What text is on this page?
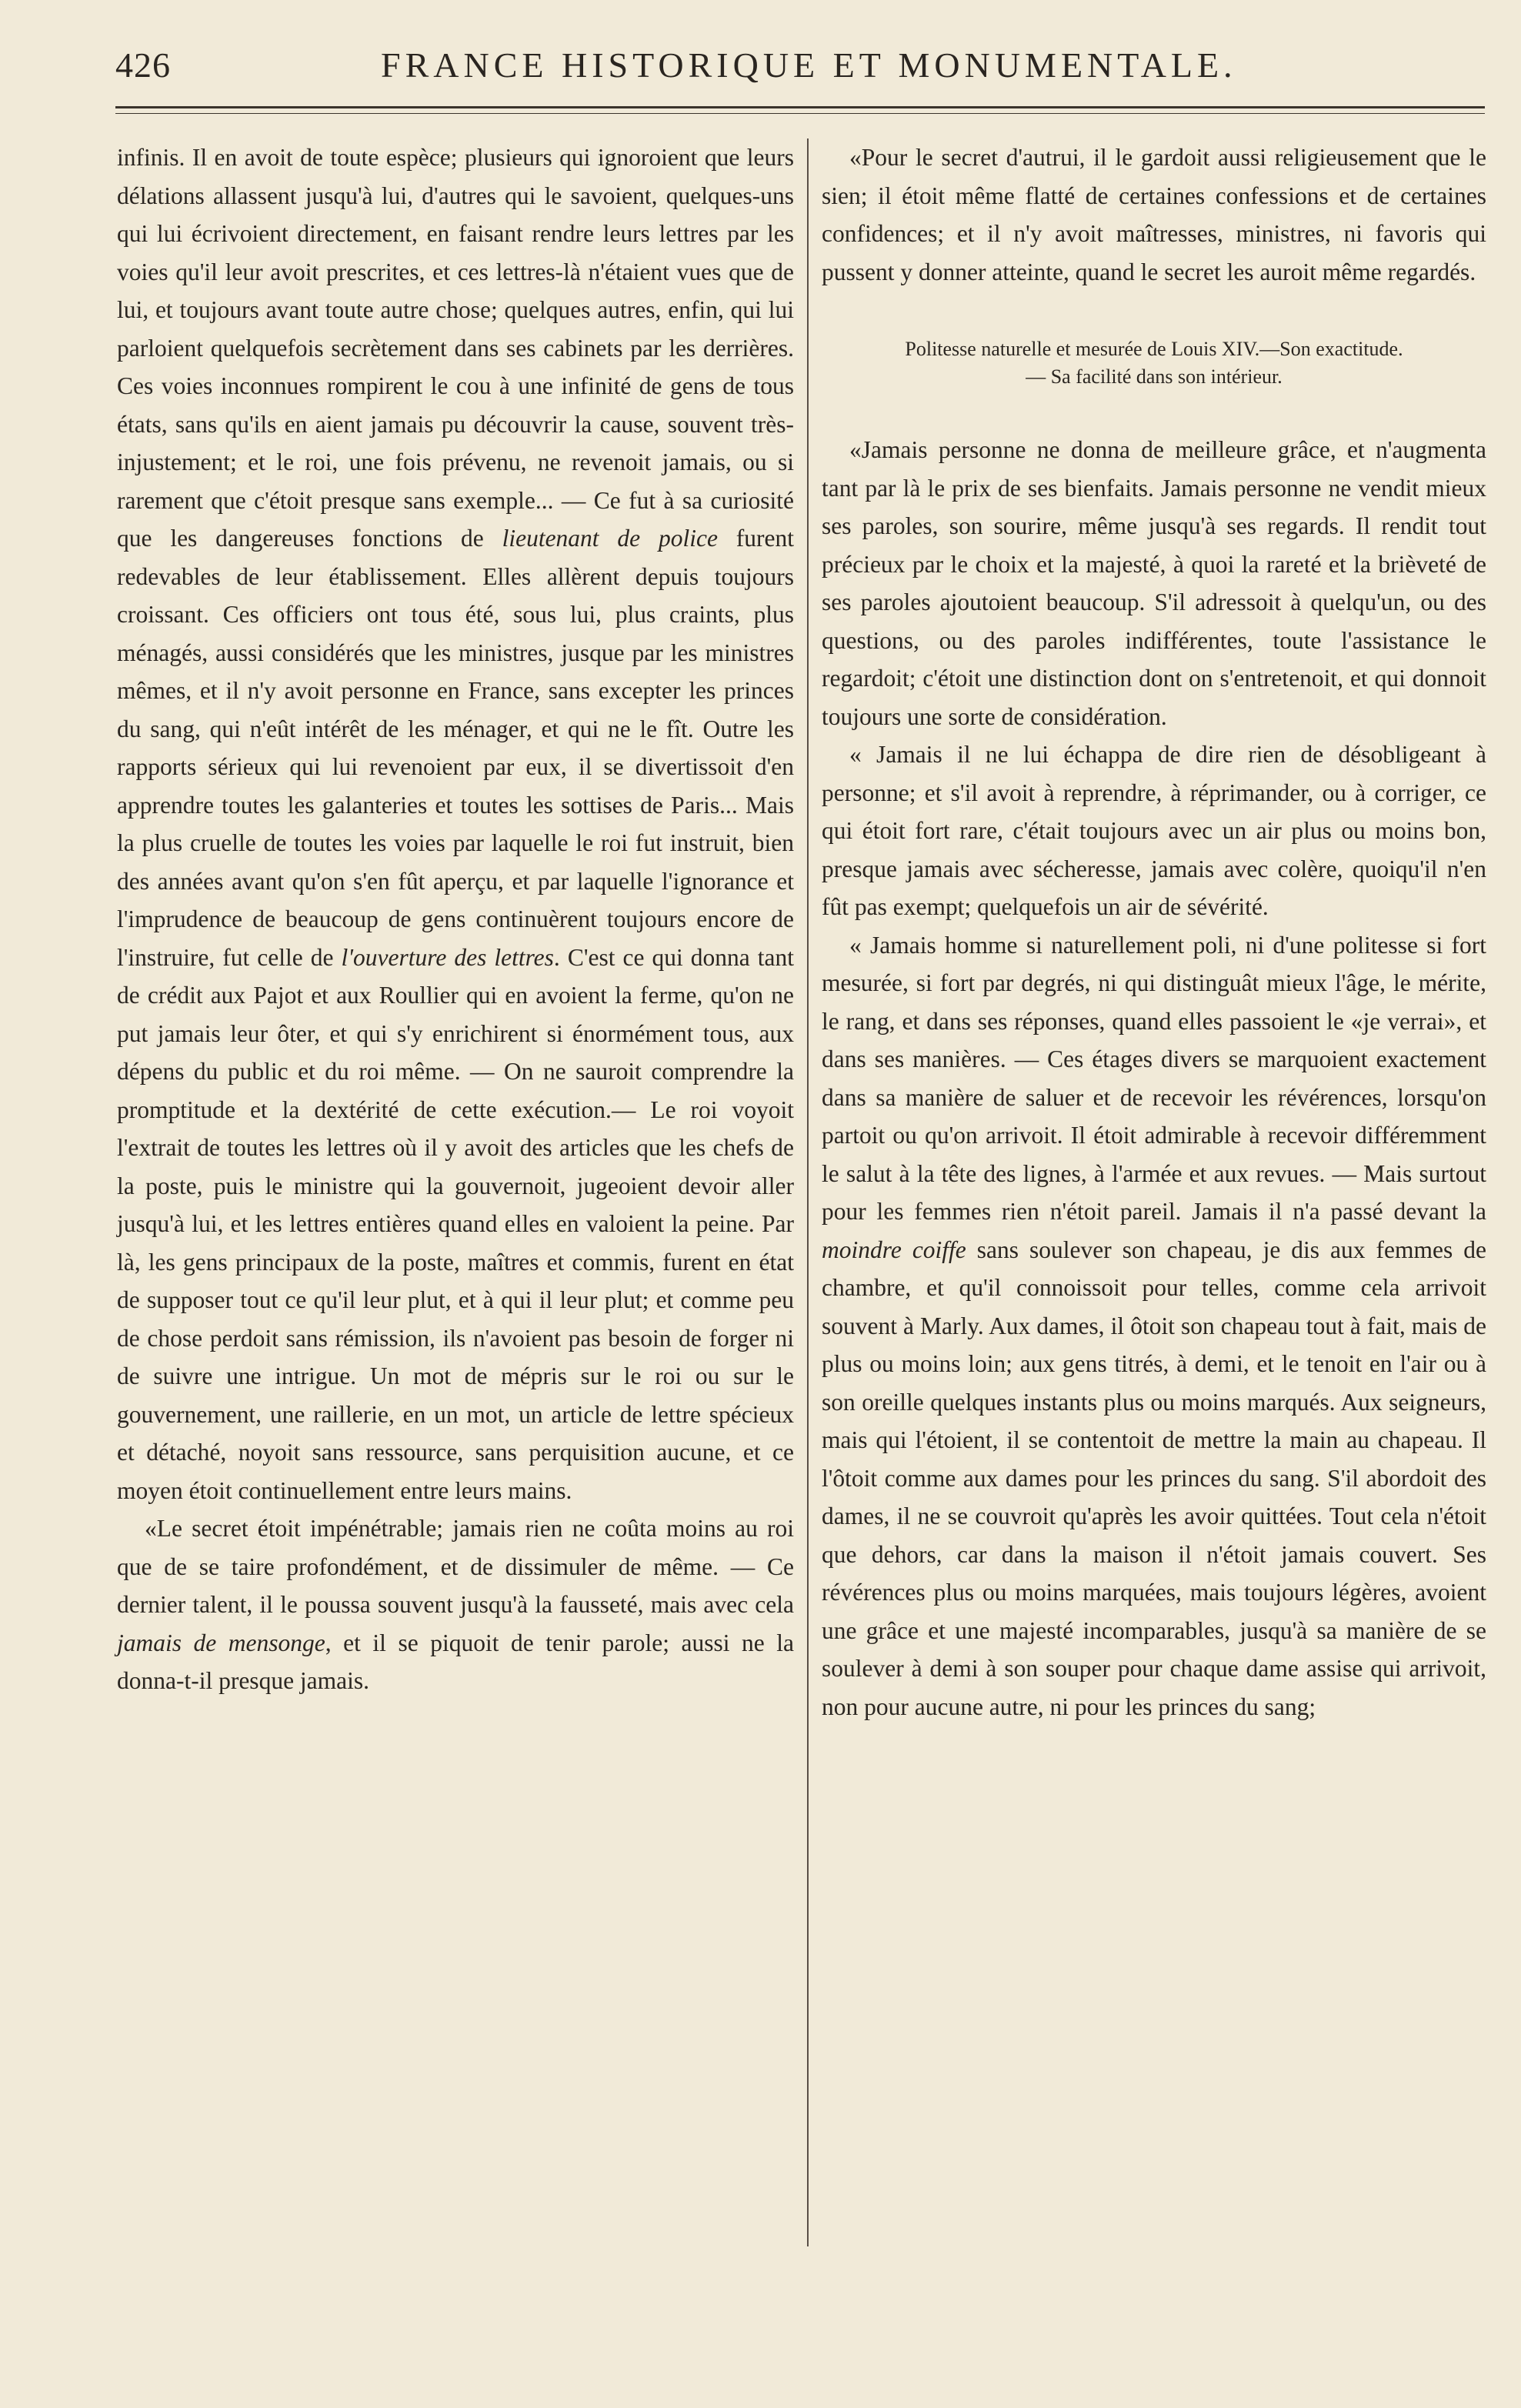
426	FRANCE HISTORIQUE ET MONUMENTALE.

infinis. Il en avoit de toute espèce; plusieurs qui ignoroient que leurs délations allassent jusqu'à lui, d'autres qui le savoient, quelques-uns qui lui écrivoient directement, en faisant rendre leurs lettres par les voies qu'il leur avoit prescrites, et ces lettres-là n'étaient vues que de lui, et toujours avant toute autre chose; quelques autres, enfin, qui lui parloient quelquefois secrètement dans ses cabinets par les derrières. Ces voies inconnues rompirent le cou à une infinité de gens de tous états, sans qu'ils en aient jamais pu découvrir la cause, souvent très-injustement; et le roi, une fois prévenu, ne revenoit jamais, ou si rarement que c'étoit presque sans exemple... — Ce fut à sa curiosité que les dangereuses fonctions de lieutenant de police furent redevables de leur établissement. Elles allèrent depuis toujours croissant. Ces officiers ont tous été, sous lui, plus craints, plus ménagés, aussi considérés que les ministres, jusque par les ministres mêmes, et il n'y avoit personne en France, sans excepter les princes du sang, qui n'eût intérêt de les ménager, et qui ne le fît. Outre les rapports sérieux qui lui revenoient par eux, il se divertissoit d'en apprendre toutes les galanteries et toutes les sottises de Paris... Mais la plus cruelle de toutes les voies par laquelle le roi fut instruit, bien des années avant qu'on s'en fût aperçu, et par laquelle l'ignorance et l'imprudence de beaucoup de gens continuèrent toujours encore de l'instruire, fut celle de l'ouverture des lettres. C'est ce qui donna tant de crédit aux Pajot et aux Roullier qui en avoient la ferme, qu'on ne put jamais leur ôter, et qui s'y enrichirent si énormément tous, aux dépens du public et du roi même. — On ne sauroit comprendre la promptitude et la dextérité de cette exécution.— Le roi voyoit l'extrait de toutes les lettres où il y avoit des articles que les chefs de la poste, puis le ministre qui la gouvernoit, jugeoient devoir aller jusqu'à lui, et les lettres entières quand elles en valoient la peine. Par là, les gens principaux de la poste, maîtres et commis, furent en état de supposer tout ce qu'il leur plut, et à qui il leur plut; et comme peu de chose perdoit sans rémission, ils n'avoient pas besoin de forger ni de suivre une intrigue. Un mot de mépris sur le roi ou sur le gouvernement, une raillerie, en un mot, un article de lettre spécieux et détaché, noyoit sans ressource, sans perquisition aucune, et ce moyen étoit continuellement entre leurs mains.

«Le secret étoit impénétrable; jamais rien ne coûta moins au roi que de se taire profondément, et de dissimuler de même. — Ce dernier talent, il le poussa souvent jusqu'à la fausseté, mais avec cela jamais de mensonge, et il se piquoit de tenir parole; aussi ne la donna-t-il presque jamais.

«Pour le secret d'autrui, il le gardoit aussi religieusement que le sien; il étoit même flatté de certaines confessions et de certaines confidences; et il n'y avoit maîtresses, ministres, ni favoris qui pussent y donner atteinte, quand le secret les auroit même regardés.

Politesse naturelle et mesurée de Louis XIV.—Son exactitude.
— Sa facilité dans son intérieur.

«Jamais personne ne donna de meilleure grâce, et n'augmenta tant par là le prix de ses bienfaits. Jamais personne ne vendit mieux ses paroles, son sourire, même jusqu'à ses regards. Il rendit tout précieux par le choix et la majesté, à quoi la rareté et la brièveté de ses paroles ajoutoient beaucoup. S'il adressoit à quelqu'un, ou des questions, ou des paroles indifférentes, toute l'assistance le regardoit; c'étoit une distinction dont on s'entretenoit, et qui donnoit toujours une sorte de considération.

« Jamais il ne lui échappa de dire rien de désobligeant à personne; et s'il avoit à reprendre, à réprimander, ou à corriger, ce qui étoit fort rare, c'était toujours avec un air plus ou moins bon, presque jamais avec sécheresse, jamais avec colère, quoiqu'il n'en fût pas exempt; quelquefois un air de sévérité.

« Jamais homme si naturellement poli, ni d'une politesse si fort mesurée, si fort par degrés, ni qui distinguât mieux l'âge, le mérite, le rang, et dans ses réponses, quand elles passoient le «je verrai», et dans ses manières. — Ces étages divers se marquoient exactement dans sa manière de saluer et de recevoir les révérences, lorsqu'on partoit ou qu'on arrivoit. Il étoit admirable à recevoir différemment le salut à la tête des lignes, à l'armée et aux revues. — Mais surtout pour les femmes rien n'étoit pareil. Jamais il n'a passé devant la moindre coiffe sans soulever son chapeau, je dis aux femmes de chambre, et qu'il connoissoit pour telles, comme cela arrivoit souvent à Marly. Aux dames, il ôtoit son chapeau tout à fait, mais de plus ou moins loin; aux gens titrés, à demi, et le tenoit en l'air ou à son oreille quelques instants plus ou moins marqués. Aux seigneurs, mais qui l'étoient, il se contentoit de mettre la main au chapeau. Il l'ôtoit comme aux dames pour les princes du sang. S'il abordoit des dames, il ne se couvroit qu'après les avoir quittées. Tout cela n'étoit que dehors, car dans la maison il n'étoit jamais couvert. Ses révérences plus ou moins marquées, mais toujours légères, avoient une grâce et une majesté incomparables, jusqu'à sa manière de se soulever à demi à son souper pour chaque dame assise qui arrivoit, non pour aucune autre, ni pour les princes du sang;
